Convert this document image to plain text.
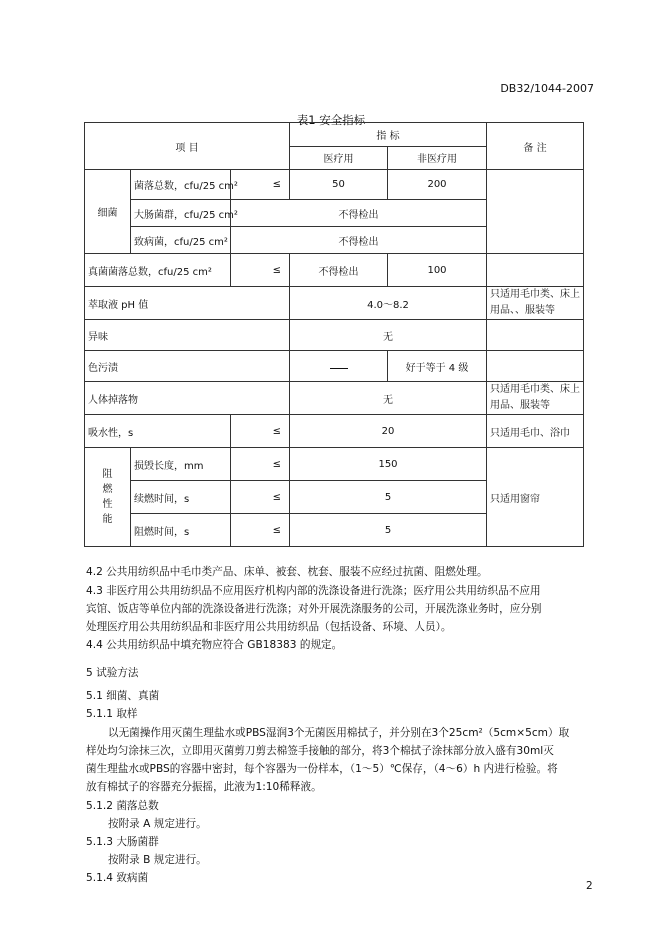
DB32/1044-2007
表1 安全指标
项 目			指 标		备 注
			医疗用	非医疗用	
细菌	菌落总数，cfu/25 cm²	≤	50	200	
	大肠菌群，cfu/25 cm²	不得检出			
	致病菌，cfu/25 cm²	不得检出			
真菌菌落总数，cfu/25 cm²		≤	不得检出	100	
萃取液 pH 值			4.0～8.2		只适用毛巾类、床上用品、、服装等
异味			无		
色污渍				好于等于 4 级	
人体掉落物			无		只适用毛巾类、床上用品、服装等
吸水性，s		≤	20		只适用毛巾、浴巾

阻燃性能	损毁长度，mm	≤	150		只适用窗帘
	续燃时间，s	≤	5		
	阻燃时间，s	≤	5		
4.2 公共用纺织品中毛巾类产品、床单、被套、枕套、服装不应经过抗菌、阻燃处理。
4.3 非医疗用公共用纺织品不应用医疗机构内部的洗涤设备进行洗涤；医疗用公共用纺织品不应用
宾馆、饭店等单位内部的洗涤设备进行洗涤；对外开展洗涤服务的公司，开展洗涤业务时，应分别
处理医疗用公共用纺织品和非医疗用公共用纺织品（包括设备、环境、人员）。
4.4 公共用纺织品中填充物应符合 GB18383 的规定。
5 试验方法
5.1 细菌、真菌
5.1.1 取样
以无菌操作用灭菌生理盐水或PBS湿润3个无菌医用棉拭子，并分别在3个25cm²（5cm×5cm）取
样处均匀涂抹三次，立即用灭菌剪刀剪去棉签手接触的部分，将3个棉拭子涂抹部分放入盛有30ml灭
菌生理盐水或PBS的容器中密封，每个容器为一份样本，（1～5）℃保存，（4～6）h 内进行检验。将
放有棉拭子的容器充分振摇，此液为1:10稀释液。
5.1.2 菌落总数
按附录 A 规定进行。
5.1.3 大肠菌群
按附录 B 规定进行。
5.1.4 致病菌
2
